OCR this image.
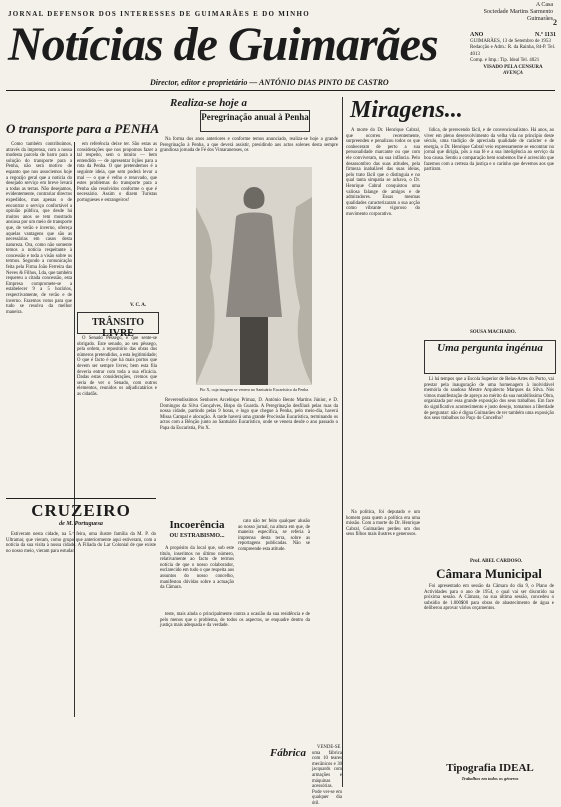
A Casa
Sociedade Martins Sarmento
Guimarães 2
JORNAL DEFENSOR DOS INTERESSES DE GUIMARÃES E DO MINHO
Notícias de Guimarães	ANO	N.º 1131
GUIMARÃES, 13 de Setembro de 1953
Redacção e Adm.: R. da Rainha, 84-P. Tel. 4013
Comp. e Imp.: Tip. Ideal Tel. 4021
VISADO PELA CENSURA
AVENÇA
Director, editor e proprietário — ANTÓNIO DIAS PINTO DE CASTRO
O transporte para a PENHA

Como também contribuímos, através da imprensa, com a nossa modesta parcela de barro para a solução do transporte para a Penha, não será motivo de espanto que nos associemos hoje a regozijo geral que a notícia do desejado serviço em breve levará a todas as terras. Não desejamos, evidentemente, contrariar directos expedidos, mas apenas o de encontrar o serviço confortável a opinião pública, que desde há muitos anos se tem mostrado ansiosa por um meio de transporte que, de verão e inverno, ofereça aquelas vantagens que são as necessárias em casos desta natureza. Ora, como não somente temos a notícia respeitante à concessão e toda a visão sobre os termos. Segundo a comunicação feita pela Firma João Ferreira das Neves & Filhos, Lda, que também requereu a citada concessão, esta Empresa compromete-se a estabelecer 9 a 5 horários, respectivamente, de verão e de inverno. Fazemos votos para que tudo se resolva da melhor maneira.

em referência deixe ter. São estas as considerações que nos propomos fazer a tal respeito, sem o intuito — bem entendido — de apresentar lições para a rota da Penha. O que pretendemos é a seguinte ideia, que sem poderá levar a mal — o que é velho e renovado, que estes problemas do transporte para a Penha são resolvidos conforme o que é necessário. Assim o dizem Turistas portugueses e estrangeiros!

V. C. A.
TRÂNSITO LIVRE

O Senado Pêssego, é que sente-se obrigado. Este senado, ao seu pêssego, pela ordem, a repositório das obras dos números pretendidos, a esta legitimidade; O que é facto é que há mais portos que devem ser sempre livres; bem esta fila deveria entrar com toda a sua eficácia. Dadas estas considerações, cremos que seria de ver o Senado, com outros elementos, reunidos os adjudicatários e as cidadãs.

CRUZEIRO
de M. Portuguesa

Estiveram nesta cidade, na 5.ª feira, uma ilustre família da M. P. do Ultramar, que vieram, como grupo que anteriormente aqui estiveram, com a notícia da sua visita à nossa cidade. A Filiada do Lar Colonial de que existe no nosso meio, vieram para estudar.

Realiza-se hoje a
Peregrinação anual à Penha

Na forma dos anos anteriores e conforme temos anunciado, realiza-se hoje a grande Peregrinação à Penha, a que deverá assistir, presidindo aos actos solenes desta sempre grandiosa jornada de Fé dos Vimaranenses, os

Pio X, cuja imagem se venera no Santuário Eucarístico da Penha

Reverendíssimos Senhores Arcebispo Primaz, D. António Bento Martins Júnior, e D. Domingos da Silva Gonçalves, Bispo da Guarda. A Peregrinação desfilará pelas ruas da nossa cidade, partindo pelas 9 horas, e logo que chegue à Penha, pelo meio-dia, haverá Missa Campal e alocução. À tarde haverá uma grande Procissão Eucarística, terminando os actos com a Bênção junto ao Santuário Eucarístico, onde se venera desde o ano passado o Papa da Eucaristia, Pio X.

Incoerência
OU ESTRABISMO...

A propósito da local que, sob este título, inserimos no último número, relativamente ao facto de termos notícia de que o nosso colaborador, esclarecido em tudo o que respeita aos assuntos do nosso concelho, manifestou dúvidas sobre a actuação da Câmara.

teste, mais ainda o principalmente contra a ocasião da sua residência e de pelo menos que o problema, de todos os aspectos, se enquadre dentro da justiça mais adequada e da verdade.

cato não ter feito qualquer alusão ao nosso jornal, na altura em que, de maneira específica, se referia à imprensa desta terra, sobre as reportagens publicadas. Não se compreende esta atitude.

Fábrica	VENDE-SE uma fábrica com 10 teares mecânicos e 30 jacquards com armações e máquinas acessórias. Pode ver-se em qualquer dia útil.

Miragens...

A morte do Dr. Henrique Cabral, que ocorreu recentemente, surpreendeu e penalizou todos os que conheceram de perto a sua personalidade marcante ou que com ele conviveram, na sua infância. Pelo desassombro das suas atitudes, pela firmeza inabalável das suas ideias, pelo trato fácil que o distinguia e no qual tanta simpatia se achava, o Dr. Henrique Cabral conquistou uma valiosa falange de amigos e de admiradores. Essas mesmas qualidades caracterizaram a sua acção como vibrante vigoroso do movimento corporativo.

Na política, foi deputado e um homem para quem a política era uma missão. Com a morte do Dr. Henrique Cabral, Guimarães perdeu um dos seus filhos mais ilustres e generosos.

lidica, de prerecendo fácil, e de convencionalismo. Há anos, ao viver em pleno desenvolvimento da velha vila no princípio deste século, uma tradição de apreciada qualidade de carácter e de energia, o Dr. Henrique Cabral veio expressamente se encontrar no jornal que dirigia, pôs a sua fé e a sua inteligência ao serviço da boa causa. Sentiu a comparação bem soubemos lhe é acrescido que fazemos com a certeza da justiça e o carinho que devemos aos que partiram.

SOUSA MACHADO.
Uma pergunta ingénua

Li há tempos que a Escola Superior de Belas-Artes do Porto, vai prestar pela inauguração de uma homenagem à inolvidável memória do saudoso Mestre Arquitecto Marques da Silva. Nós vimos manifestação de apreço ao mérito da sua notabilíssima Obra, organizada por essa grande exposição dos seus trabalhos. Em face do significativo acontecimento e justo desejo, tomamos a liberdade de perguntar: não é digna Guimarães de ter também uma exposição dos seus trabalhos no Paço do Concelho?

Prof. ABEL CARDOSO.
Câmara Municipal

Foi apresentado em sessão da Câmara do dia 9, o Plano de Actividades para o ano de 1954, o qual vai ser discutido na próxima sessão. A Câmara, na sua última sessão, concedeu o subsídio de 1.000$00 para obras de abastecimento de água e deliberou aprovar vários orçamentos.

Tipografia IDEAL
Trabalhos em todos os géneros
